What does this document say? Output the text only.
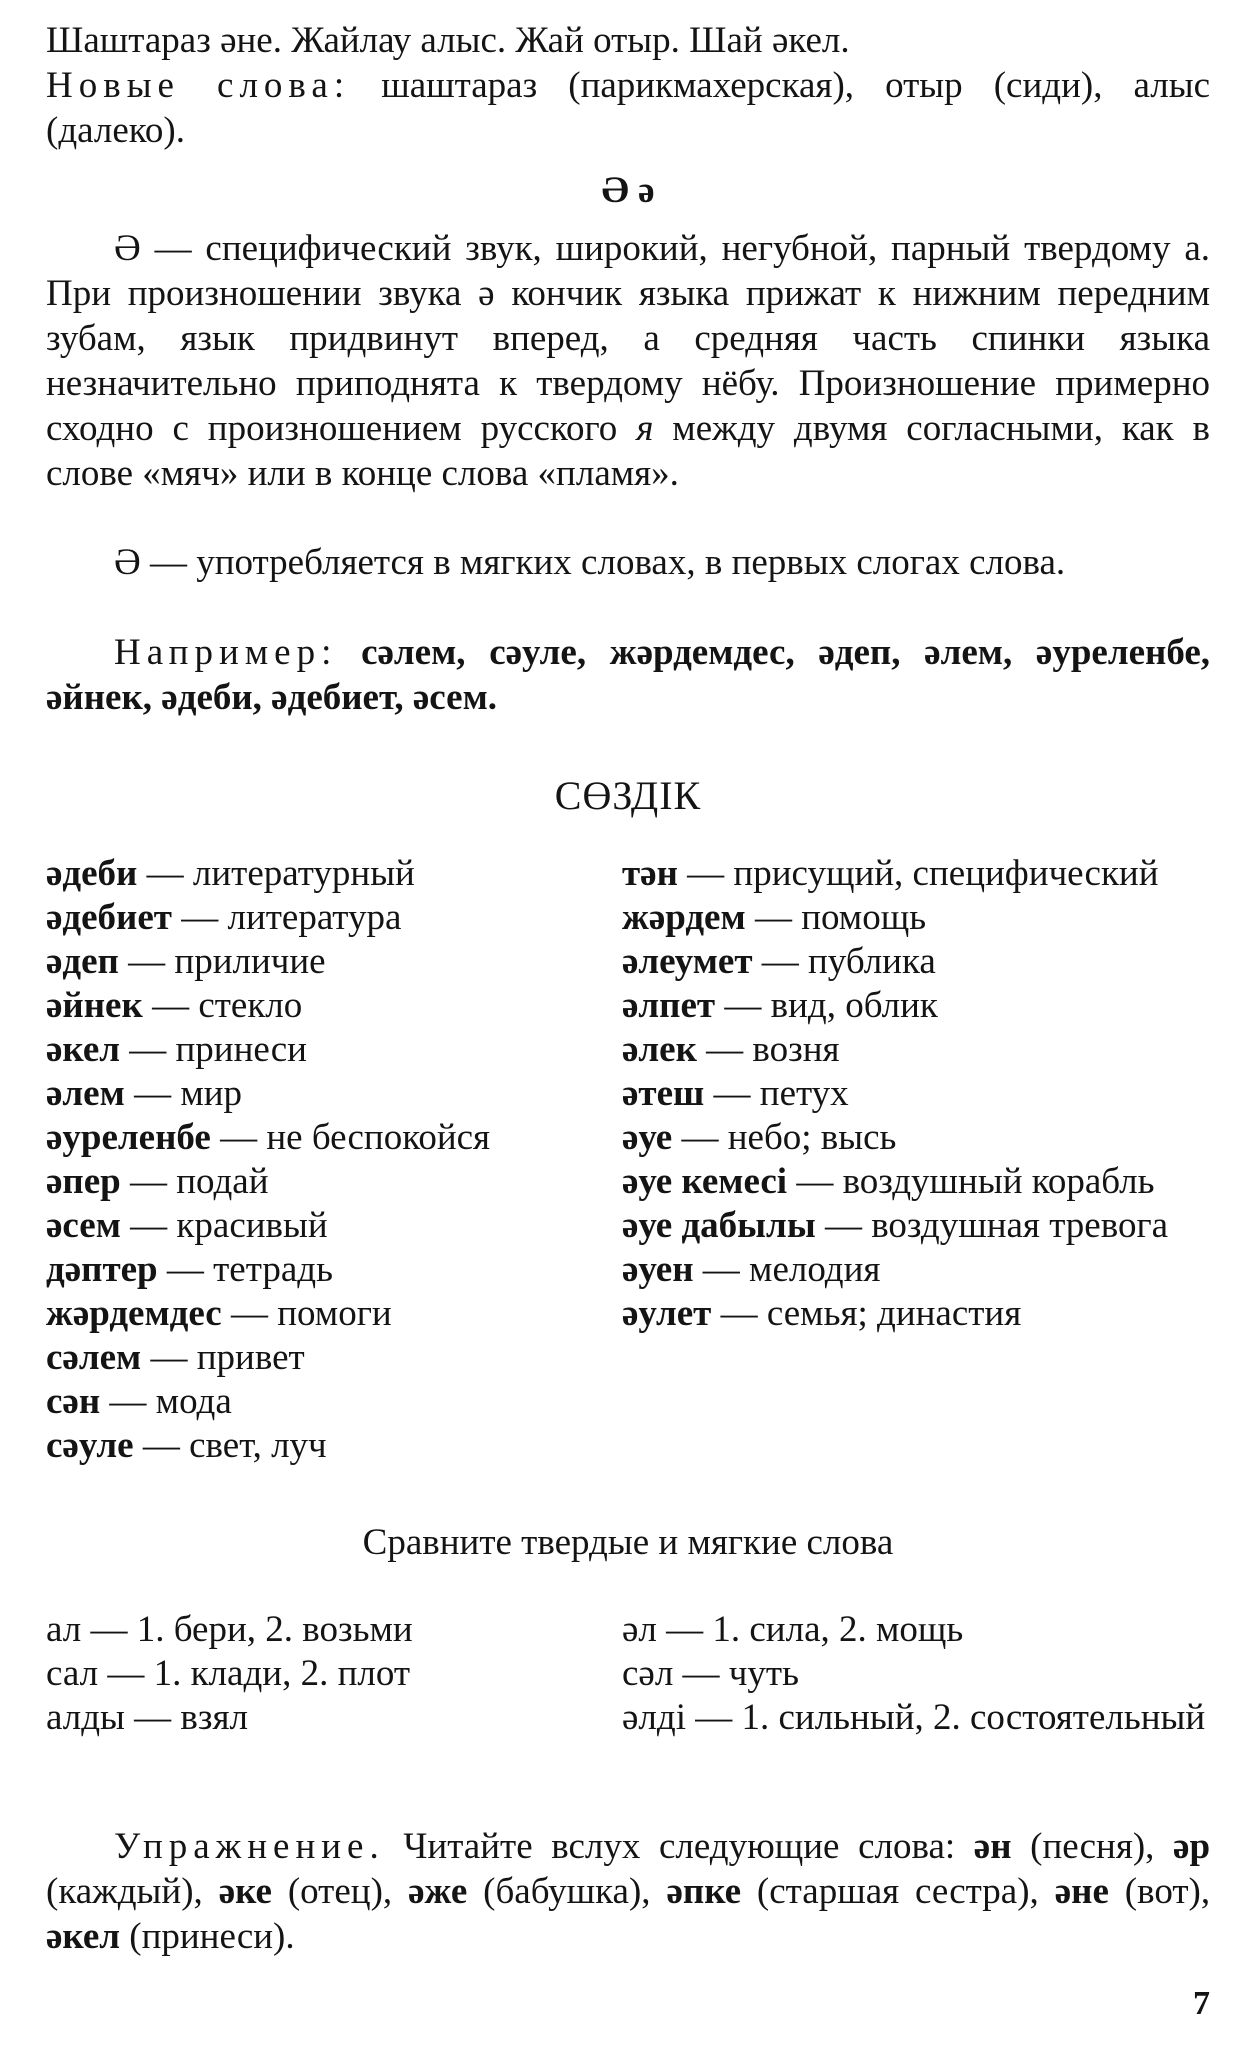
Шаштараз əне. Жайлау алыс. Жай отыр. Шай əкел.
Новые слова: шаштараз (парикмахерская), отыр (сиди), алыс (далеко).

Ə ə

Ə — специфический звук, широкий, негубной, парный твердому а. При произношении звука ə кончик языка прижат к нижним передним зубам, язык придвинут вперед, а средняя часть спинки языка незначительно приподнята к твердому нёбу. Произношение примерно сходно с произношением русского я между двумя согласными, как в слове «мяч» или в конце слова «пламя».

Ə — употребляется в мягких словах, в первых слогах слова.

Например: сəлем, сəуле, жəрдемдес, əдеп, əлем, əуреленбе, əйнек, əдеби, əдебиет, əсем.

СӨЗДІК
əдеби — литературный
əдебиет — литература
əдеп — приличие
əйнек — стекло
əкел — принеси
əлем — мир
əуреленбе — не беспокойся
əпер — подай
əсем — красивый
дəптер — тетрадь
жəрдемдес — помоги
сəлем — привет
сəн — мода
сəуле — свет, луч
тəн — присущий, специфический
жəрдем — помощь
əлеумет — публика
əлпет — вид, облик
əлек — возня
əтеш — петух
əуе — небо; высь
əуе кемесі — воздушный корабль
əуе дабылы — воздушная тревога
əуен — мелодия
əулет — семья; династия
Сравните твердые и мягкие слова
ал — 1. бери, 2. возьми
сал — 1. клади, 2. плот
алды — взял
əл — 1. сила, 2. мощь
сəл — чуть
əлді — 1. сильный, 2. состоятельный

Упражнение. Читайте вслух следующие слова: əн (песня), əр (каждый), əке (отец), əже (бабушка), əпке (старшая сестра), əне (вот), əкел (принеси).

7
